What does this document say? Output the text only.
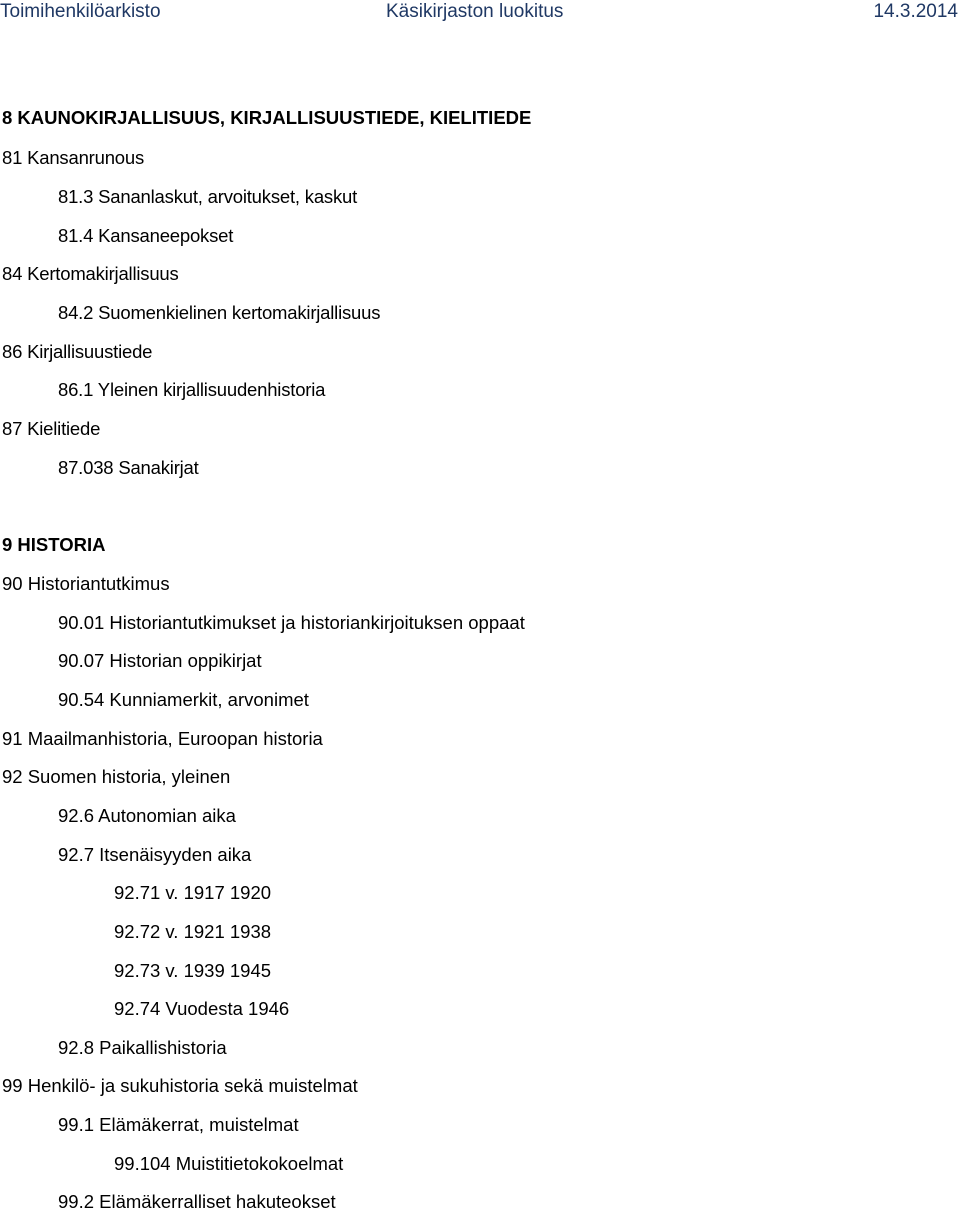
Toimihenkilöarkisto	Käsikirjaston luokitus	14.3.2014
8 KAUNOKIRJALLISUUS, KIRJALLISUUSTIEDE, KIELITIEDE
81 Kansanrunous
81.3 Sananlaskut, arvoitukset, kaskut
81.4 Kansaneepokset
84 Kertomakirjallisuus
84.2 Suomenkielinen kertomakirjallisuus
86 Kirjallisuustiede
86.1 Yleinen kirjallisuudenhistoria
87 Kielitiede
87.038 Sanakirjat
9 HISTORIA
90 Historiantutkimus
90.01 Historiantutkimukset ja historiankirjoituksen oppaat
90.07 Historian oppikirjat
90.54 Kunniamerkit, arvonimet
91 Maailmanhistoria, Euroopan historia
92 Suomen historia, yleinen
92.6 Autonomian aika
92.7 Itsenäisyyden aika
92.71 v. 1917 1920
92.72 v. 1921 1938
92.73 v. 1939 1945
92.74 Vuodesta 1946
92.8 Paikallishistoria
99 Henkilö- ja sukuhistoria sekä muistelmat
99.1 Elämäkerrat, muistelmat
99.104 Muistitietokokoelmat
99.2 Elämäkerralliset hakuteokset
